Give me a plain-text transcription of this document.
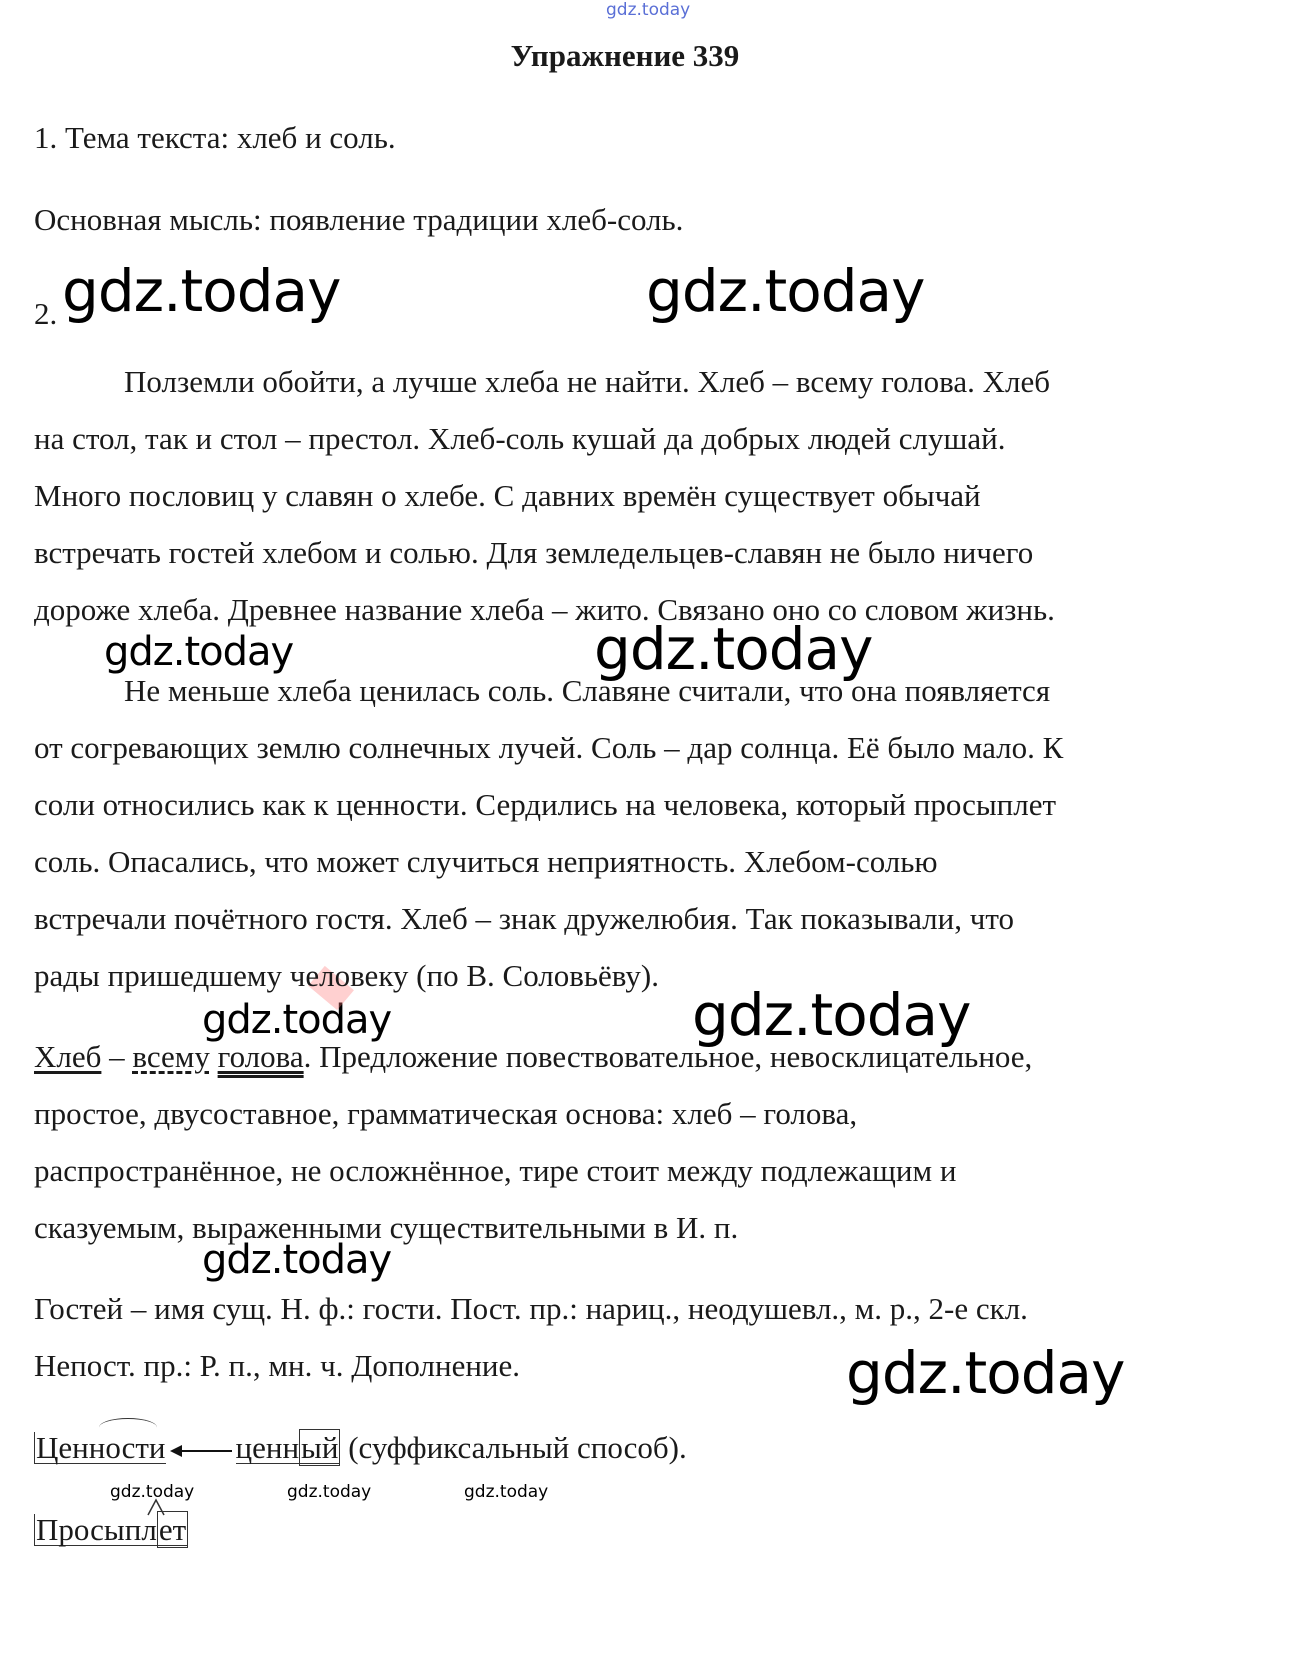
gdz.today
gdz.today	gdz.today
gdz.today	gdz.today
gdz.today	gdz.today
gdz.today
gdz.today
gdz.today	gdz.today	gdz.today
Упражнение 339
1. Тема текста: хлеб и соль.
Основная мысль: появление традиции хлеб-соль.
2.
Полземли обойти, а лучше хлеба не найти. Хлеб – всему голова. Хлеб
на стол, так и стол – престол. Хлеб-соль кушай да добрых людей слушай.
Много пословиц у славян о хлебе. С давних времён существует обычай
встречать гостей хлебом и солью. Для земледельцев-славян не было ничего
дороже хлеба. Древнее название хлеба – жито. Связано оно со словом жизнь.
Не меньше хлеба ценилась соль. Славяне считали, что она появляется
от согревающих землю солнечных лучей. Соль – дар солнца. Её было мало. К
соли относились как к ценности. Сердились на человека, который просыплет
соль. Опасались, что может случиться неприятность. Хлебом-солью
встречали почётного гостя. Хлеб – знак дружелюбия. Так показывали, что
рады пришедшему человеку (по В. Соловьёву).
Хлеб – всему голова. Предложение повествовательное, невосклицательное,
простое, двусоставное, грамматическая основа: хлеб – голова,
распространённое, не осложнённое, тире стоит между подлежащим и
сказуемым, выраженными существительными в И. п.
Гостей – имя сущ. Н. ф.: гости. Пост. пр.: нариц., неодушевл., м. р., 2-е скл.
Непост. пр.: Р. п., мн. ч. Дополнение.
Ценности ценный (суффиксальный способ).
Просыпл
ет
